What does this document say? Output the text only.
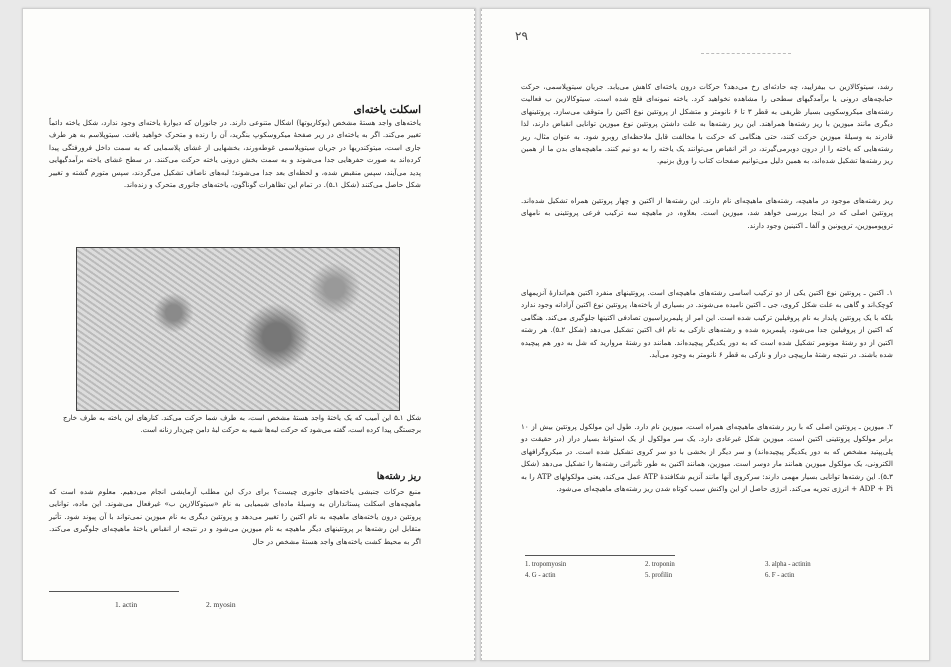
اسکلت یاخته‌ای
یاخته‌های واجد هستهٔ مشخص (یوکاریوتها) اشکال متنوعی دارند. در جانوران که دیوارهٔ یاخته‌ای وجود ندارد، شکل یاخته دائماً تغییر می‌کند. اگر به یاخته‌ای در زیر صفحهٔ میکروسکوپ بنگرید، آن را زنده و متحرک خواهید یافت. سیتوپلاسم به هر طرف جاری است، میتوکندریها در جریان سیتوپلاسمی غوطه‌ورند، بخشهایی از غشای پلاسمایی که به سمت داخل فرورفتگی پیدا کرده‌اند به صورت حفرهایی جدا می‌شوند و به سمت بخش درونی یاخته حرکت می‌کنند. در سطح غشای یاخته برآمدگیهایی پدید می‌آیند، سپس منقبض شده، و لحظه‌ای بعد جدا می‌شوند؛ لبه‌های ناصاف تشکیل می‌گردند، سپس متورم گشته و تغییر شکل حاصل می‌کنند (شکل ۱ـ۵). در تمام این تظاهرات گوناگون، یاخته‌های جانوری متحرک و زنده‌اند.
شکل ۱ـ۵ این آمیب که یک یاختهٔ واجد هستهٔ مشخص است، به طرف شما حرکت می‌کند. کنارهای این یاخته به طرف خارج برجستگی پیدا کرده است، گفته می‌شود که حرکت لبه‌ها شبیه به حرکت لبهٔ دامن چین‌دار زنانه است.
ریز رشته‌ها
منبع حرکات جنبشی یاخته‌های جانوری چیست؟ برای درک این مطلب آزمایشی انجام می‌دهیم. معلوم شده است که ماهیچه‌های اسکلت پستانداران به وسیلهٔ ماده‌ای شیمیایی به نام «سیتوکالازین ب» غیرفعال می‌شوند. این ماده، توانایی پروتئین درون یاخته‌های ماهیچه به نام اکتین را تغییر می‌دهد و پروتئین دیگری به نام میوزین نمی‌تواند با آن پیوند شود. تأثیر متقابل این رشته‌ها بر پروتئینهای دیگر ماهیچه به نام میوزین می‌شود و در نتیجه از انقباض یاختهٔ ماهیچه‌ای جلوگیری می‌کند. اگر به محیط کشت یاخته‌های واجد هستهٔ مشخص در حال
1. actin	2. myosin
۲۹
رشد، سیتوکالازین ب بیفزایید، چه حادثه‌ای رخ می‌دهد؟ حرکات درون یاخته‌ای کاهش می‌یابد. جریان سیتوپلاسمی، حرکت حبابچه‌های درونی یا برآمدگیهای سطحی را مشاهده نخواهید کرد. یاخته نمونه‌ای فلج شده است. سیتوکالازین ب فعالیت رشته‌های میکروسکوپی بسیار ظریفی به قطر ۳ تا ۶ نانومتر و متشکل از پروتئین نوع اکتین را متوقف می‌سازد. پروتئینهای دیگری مانند میوزین با ریز رشته‌ها همراهند. این ریز رشته‌ها به علت داشتن پروتئین نوع میوزین توانایی انقباض دارند، لذا قادرند به وسیلهٔ میوزین حرکت کنند، حتی هنگامی که حرکت با مخالفت قابل ملاحظه‌ای روبرو شود. به عنوان مثال، ریز رشته‌هایی که یاخته را از درون دوبرمی‌گیرند، در اثر انقباض می‌توانند یک یاخته را به دو نیم کنند. ماهیچه‌های بدن ما از همین ریز رشته‌ها تشکیل شده‌اند، به همین دلیل می‌توانیم صفحات کتاب را ورق بزنیم.
ریز رشته‌های موجود در ماهیچه، رشته‌های ماهیچه‌ای نام دارند. این رشته‌ها از اکتین و چهار پروتئین همراه تشکیل شده‌اند. پروتئین اصلی که در اینجا بررسی خواهد شد، میوزین است. بعلاوه، در ماهیچه سه ترکیب فرعی پروتئینی به نامهای تروپومیوزین، تروپونین و آلفا ـ اکتینین وجود دارند.
۱. اکتین ـ پروتئین نوع اکتین یکی از دو ترکیب اساسی رشته‌های ماهیچه‌ای است. پروتئینهای منفرد اکتین هم‌اندازهٔ آنزیمهای کوچک‌اند و گاهی به علت شکل کروی، جی ـ اکتین نامیده می‌شوند. در بسیاری از یاخته‌ها، پروتئین نوع اکتین آزادانه وجود ندارد بلکه با یک پروتئین پایدار به نام پروفیلین ترکیب شده است. این امر از پلیمریزاسیون تصادفی اکتینها جلوگیری می‌کند. هنگامی که اکتین از پروفیلین جدا می‌شود، پلیمریزه شده و رشته‌های نازکی به نام اف اکتین تشکیل می‌دهد (شکل ۲ـ۵). هر رشته اکتین از دو رشتهٔ مونومر تشکیل شده است که به دور یکدیگر پیچیده‌اند. همانند دو رشتهٔ مروارید که شل به دور هم پیچیده شده باشند. در نتیجه رشتهٔ مارپیچی دراز و نازکی به قطر ۶ نانومتر به وجود می‌آید.
۲. میوزین ـ پروتئین اصلی که با ریز رشته‌های ماهیچه‌ای همراه است، میوزین نام دارد. طول این مولکول پروتئین بیش از ۱۰ برابر مولکول پروتئینی اکتین است. میوزین شکل غیرعادی دارد. یک سر مولکول از یک استوانهٔ بسیار دراز (در حقیقت دو پلی‌پپتید مشخص که به دور یکدیگر پیچیده‌اند) و سر دیگر از بخشی با دو سر کروی تشکیل شده است. در میکروگرافهای الکترونی، یک مولکول میوزین همانند مار دوسر است. میوزین، همانند اکتین به طور تأثیراتی رشته‌ها را تشکیل می‌دهد (شکل ۳ـ۵). این رشته‌ها توانایی بسیار مهمی دارند: سرکروی آنها مانند آنزیم شکافندهٔ ATP عمل می‌کند، یعنی مولکولهای ATP را به ADP + Pi + انرژی تجزیه می‌کند. انرژی حاصل از این واکنش سبب کوتاه شدن ریز رشته‌های ماهیچه‌ای می‌شود.
1. tropomyosin	2. troponin	3. alpha - actinin
4. G - actin	5. profilin	6. F - actin
